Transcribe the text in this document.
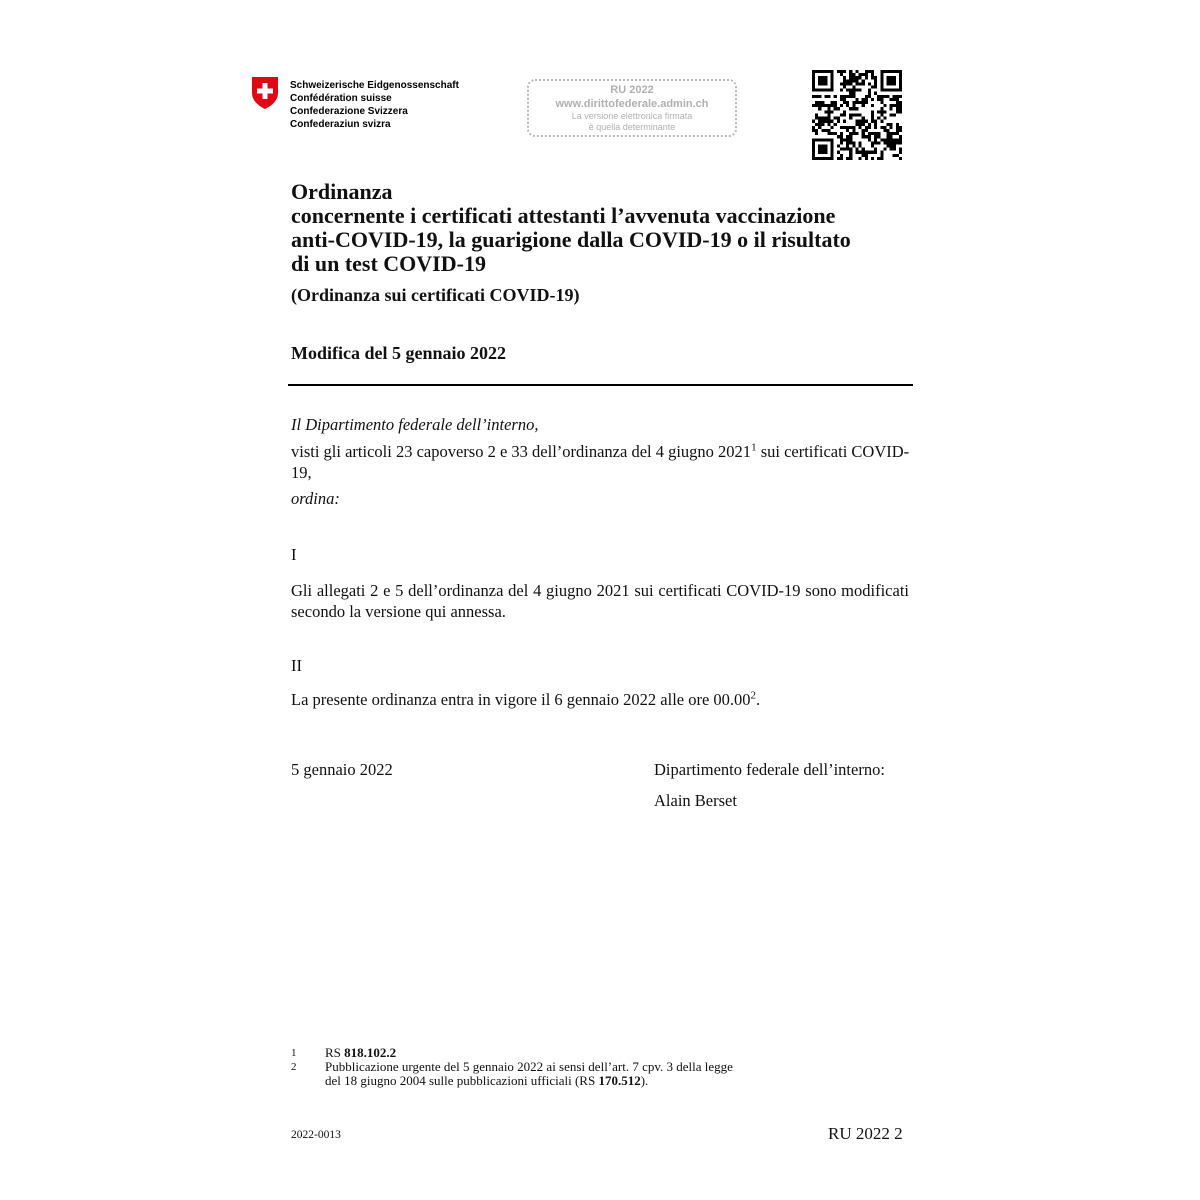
Schweizerische Eidgenossenschaft
Confédération suisse
Confederazione Svizzera
Confederaziun svizra
RU 2022
www.dirittofederale.admin.ch
La versione elettronica firmata
è quella determinante
Ordinanza
concernente i certificati attestanti l’avvenuta vaccinazione
anti-COVID-19, la guarigione dalla COVID-19 o il risultato
di un test COVID-19
(Ordinanza sui certificati COVID-19)
Modifica del 5 gennaio 2022
Il Dipartimento federale dell’interno,
visti gli articoli 23 capoverso 2 e 33 dell’ordinanza del 4 giugno 2021$^1$ sui certificati COVID-19,
ordina:
I
Gli allegati 2 e 5 dell’ordinanza del 4 giugno 2021 sui certificati COVID-19 sono modificati secondo la versione qui annessa.
II
La presente ordinanza entra in vigore il 6 gennaio 2022 alle ore 00.00$^2$.
5 gennaio 2022	Dipartimento federale dell’interno:
Alain Berset
1	RS 818.102.2
2	Pubblicazione urgente del 5 gennaio 2022 ai sensi dell’art. 7 cpv. 3 della legge
del 18 giugno 2004 sulle pubblicazioni ufficiali (RS 170.512).
2022-0013	RU 2022 2
